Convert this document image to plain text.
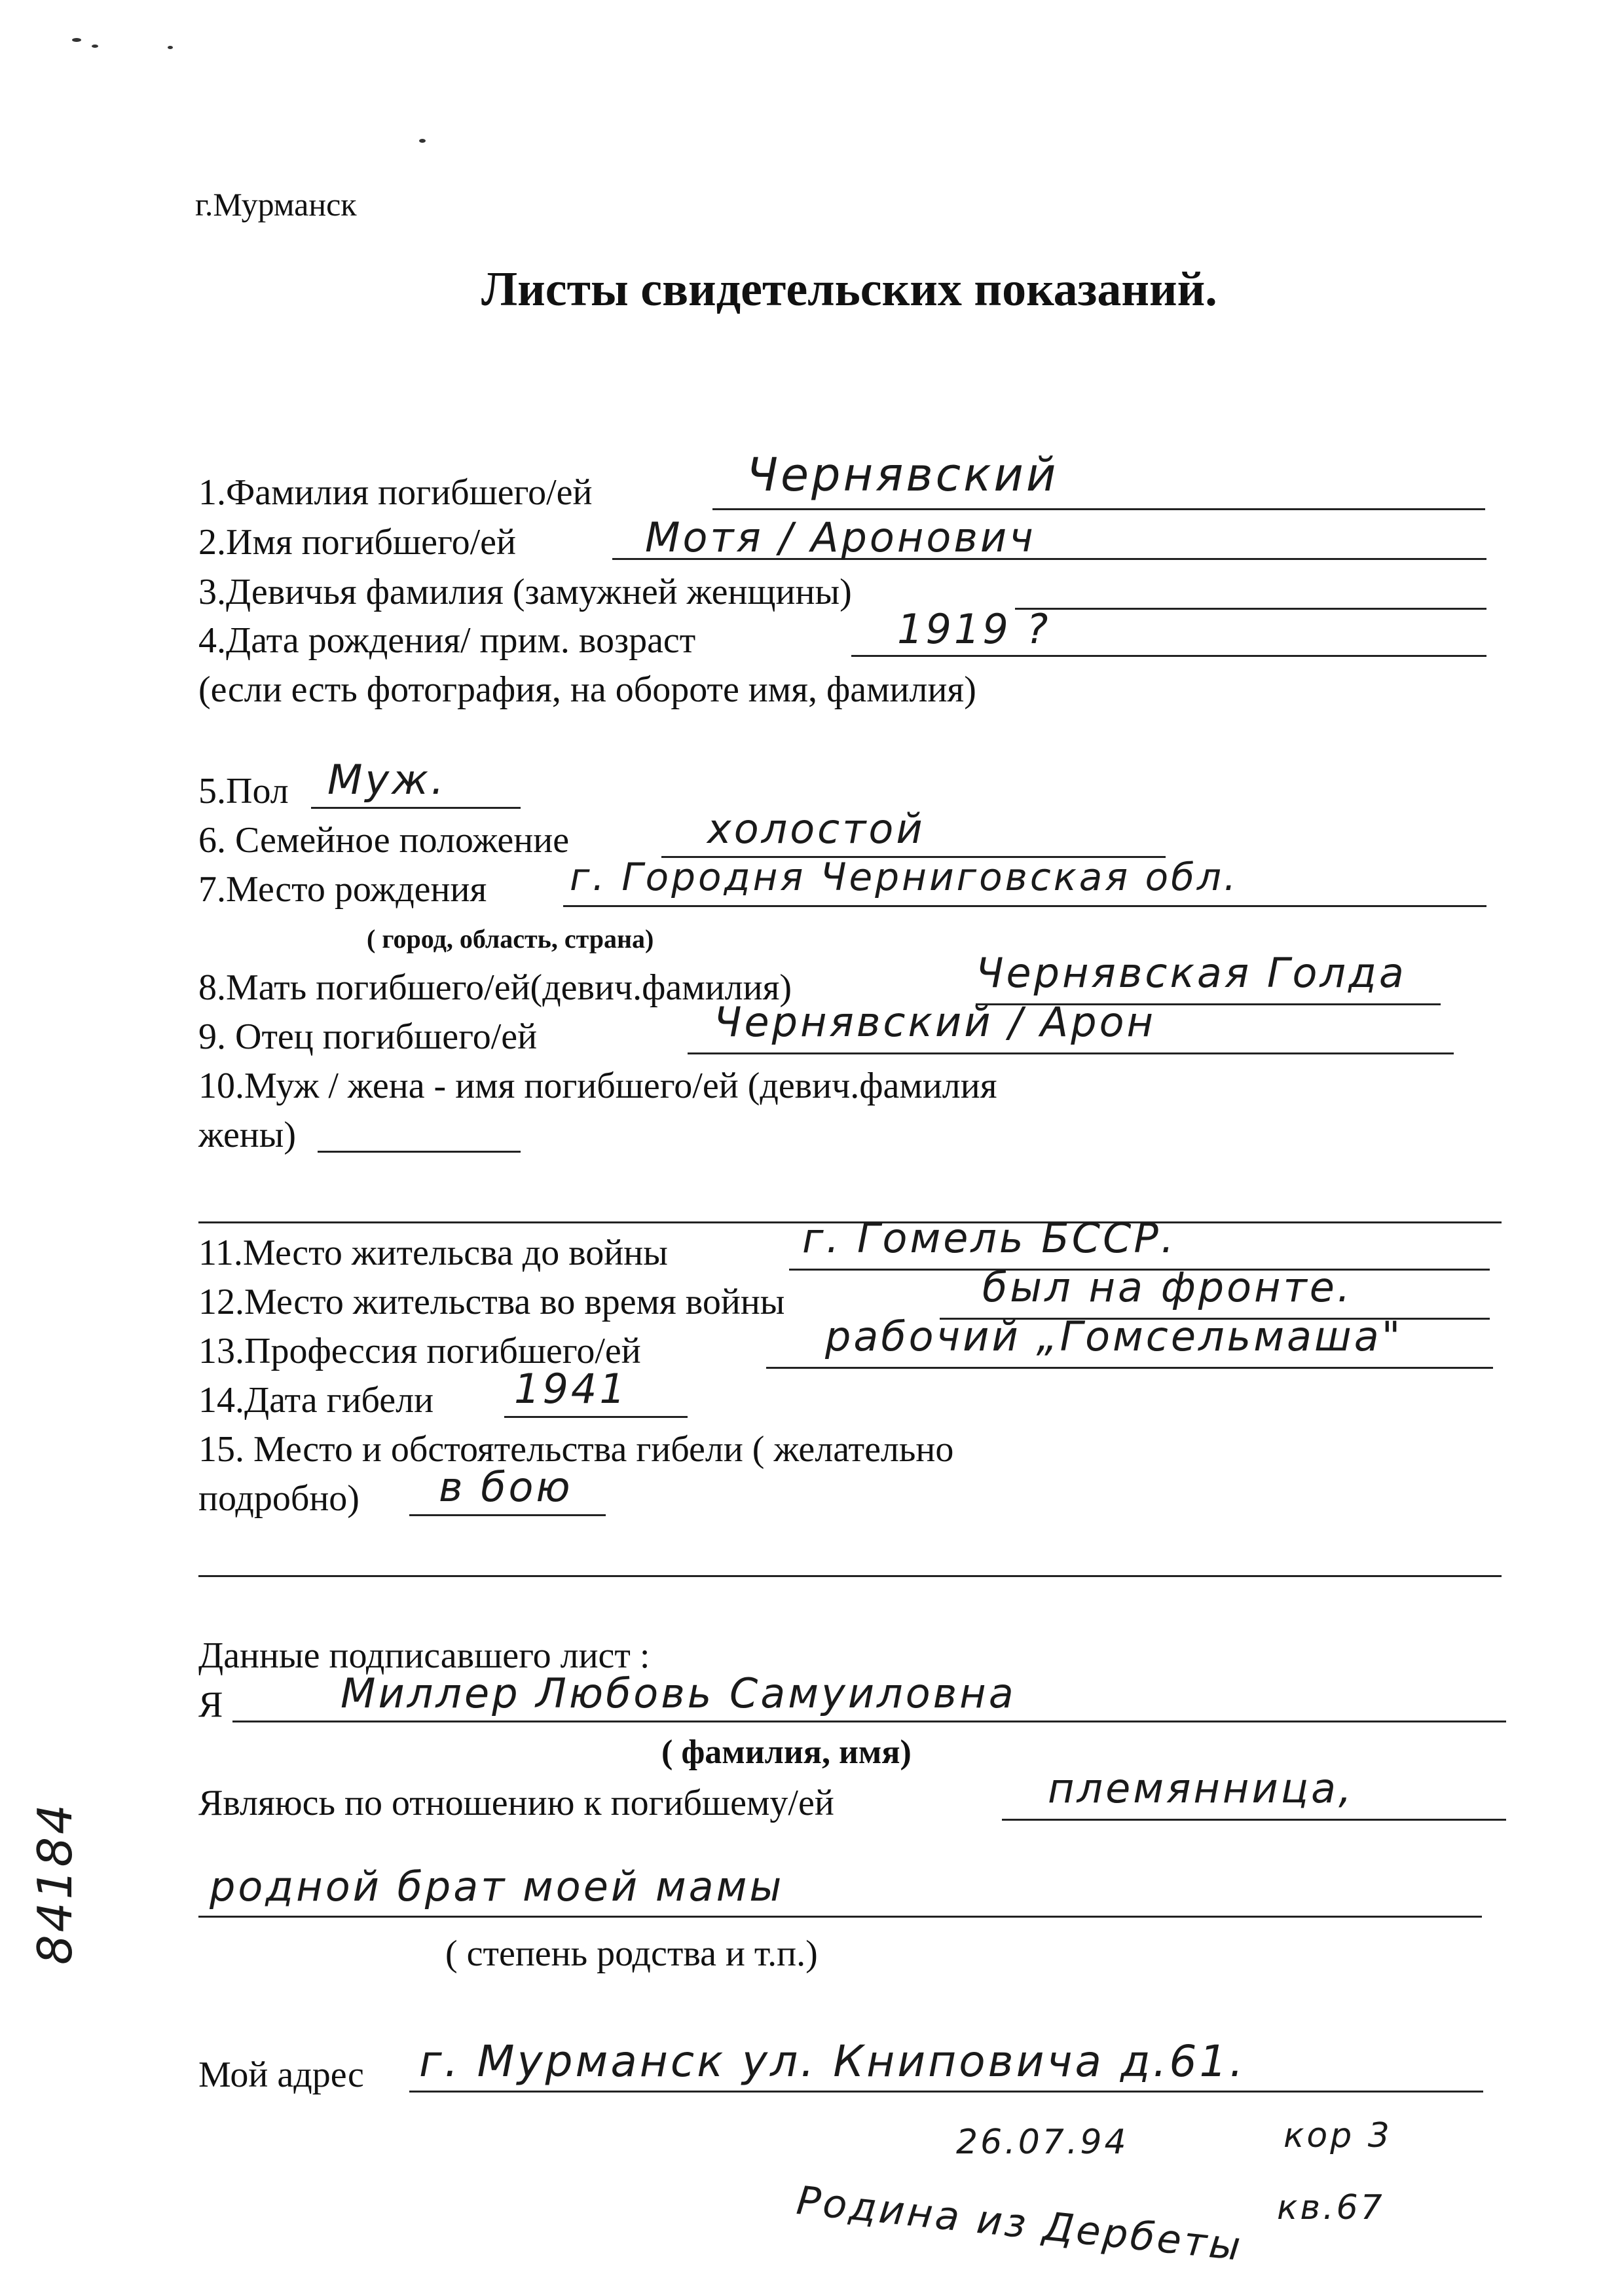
г.Мурманск
Листы свидетельских показаний.
1.Фамилия погибшего/ей	Чернявский
2.Имя погибшего/ей	Мотя / Аронович
3.Девичья фамилия (замужней женщины)
4.Дата рождения/ прим. возраст	1919 ?
(если есть фотография, на обороте имя, фамилия)
5.Пол Муж.
6. Семейное положение	холостой
7.Место рождения г. Городня Черниговская обл.
( город, область, страна)
8.Мать погибшего/ей(девич.фамилия)	Чернявская Голда
9. Отец погибшего/ей	Чернявский / Арон
10.Муж / жена - имя погибшего/ей (девич.фамилия
жены)
11.Место жительсва до войны	г. Гомель БССР.
12.Место жительства во время войны	был на фронте.
13.Профессия погибшего/ей	рабочий „Гомсельмаша"
14.Дата гибели 1941
15. Место и обстоятельства гибели ( желательно
подробно) в бою
Данные подписавшего лист :
Я	Миллер Любовь Самуиловна
( фамилия, имя)
Являюсь по отношению к погибшему/ей	племянница,
родной брат моей мамы
( степень родства и т.п.)
Мой адрес г. Мурманск ул. Книповича д.61.
26.07.94	кор 3
Родина из Дербеты кв.67
84184
